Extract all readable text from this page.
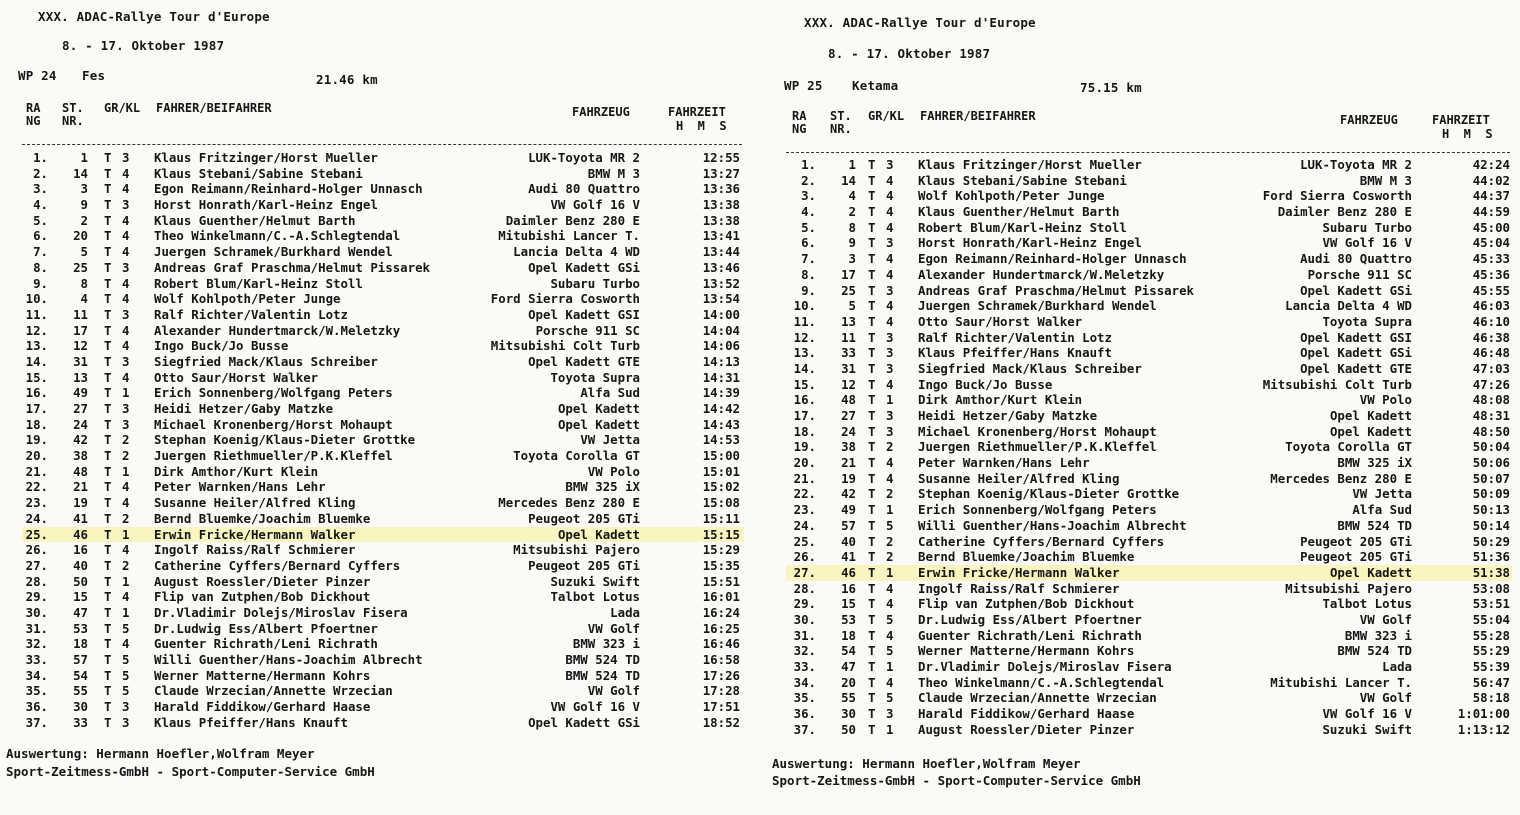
XXX. ADAC-Rallye Tour d'Europe
8. - 17. Oktober 1987
WP 24 Fes	21.46 km
RA
NG
ST.
NR.
GR/KL FAHRER/BEIFAHRER	FAHRZEUG	FAHRZEIT
H  M  S
1.	1 T 3 Klaus Fritzinger/Horst Mueller	LUK-Toyota MR 2	12:55
2.	14 T 4 Klaus Stebani/Sabine Stebani	BMW M 3	13:27
3.	3 T 4 Egon Reimann/Reinhard-Holger Unnasch	Audi 80 Quattro	13:36
4.	9 T 3 Horst Honrath/Karl-Heinz Engel	VW Golf 16 V	13:38
5.	2 T 4 Klaus Guenther/Helmut Barth	Daimler Benz 280 E	13:38
6.	20 T 4 Theo Winkelmann/C.-A.Schlegtendal	Mitubishi Lancer T.	13:41
7.	5 T 4 Juergen Schramek/Burkhard Wendel	Lancia Delta 4 WD	13:44
8.	25 T 3 Andreas Graf Praschma/Helmut Pissarek	Opel Kadett GSi	13:46
9.	8 T 4 Robert Blum/Karl-Heinz Stoll	Subaru Turbo	13:52
10.	4 T 4 Wolf Kohlpoth/Peter Junge	Ford Sierra Cosworth	13:54
11.	11 T 3 Ralf Richter/Valentin Lotz	Opel Kadett GSI	14:00
12.	17 T 4 Alexander Hundertmarck/W.Meletzky	Porsche 911 SC	14:04
13.	12 T 4 Ingo Buck/Jo Busse	Mitsubishi Colt Turb	14:06
14.	31 T 3 Siegfried Mack/Klaus Schreiber	Opel Kadett GTE	14:13
15.	13 T 4 Otto Saur/Horst Walker	Toyota Supra	14:31
16.	49 T 1 Erich Sonnenberg/Wolfgang Peters	Alfa Sud	14:39
17.	27 T 3 Heidi Hetzer/Gaby Matzke	Opel Kadett	14:42
18.	24 T 3 Michael Kronenberg/Horst Mohaupt	Opel Kadett	14:43
19.	42 T 2 Stephan Koenig/Klaus-Dieter Grottke	VW Jetta	14:53
20.	38 T 2 Juergen Riethmueller/P.K.Kleffel	Toyota Corolla GT	15:00
21.	48 T 1 Dirk Amthor/Kurt Klein	VW Polo	15:01
22.	21 T 4 Peter Warnken/Hans Lehr	BMW 325 iX	15:02
23.	19 T 4 Susanne Heiler/Alfred Kling	Mercedes Benz 280 E	15:08
24.	41 T 2 Bernd Bluemke/Joachim Bluemke	Peugeot 205 GTi	15:11
25.	46 T 1 Erwin Fricke/Hermann Walker	Opel Kadett	15:15
26.	16 T 4 Ingolf Raiss/Ralf Schmierer	Mitsubishi Pajero	15:29
27.	40 T 2 Catherine Cyffers/Bernard Cyffers	Peugeot 205 GTi	15:35
28.	50 T 1 August Roessler/Dieter Pinzer	Suzuki Swift	15:51
29.	15 T 4 Flip van Zutphen/Bob Dickhout	Talbot Lotus	16:01
30.	47 T 1 Dr.Vladimir Dolejs/Miroslav Fisera	Lada	16:24
31.	53 T 5 Dr.Ludwig Ess/Albert Pfoertner	VW Golf	16:25
32.	18 T 4 Guenter Richrath/Leni Richrath	BMW 323 i	16:46
33.	57 T 5 Willi Guenther/Hans-Joachim Albrecht	BMW 524 TD	16:58
34.	54 T 5 Werner Matterne/Hermann Kohrs	BMW 524 TD	17:26
35.	55 T 5 Claude Wrzecian/Annette Wrzecian	VW Golf	17:28
36.	30 T 3 Harald Fiddikow/Gerhard Haase	VW Golf 16 V	17:51
37.	33 T 3 Klaus Pfeiffer/Hans Knauft	Opel Kadett GSi	18:52
Auswertung: Hermann Hoefler,Wolfram Meyer
Sport-Zeitmess-GmbH - Sport-Computer-Service GmbH
XXX. ADAC-Rallye Tour d'Europe
8. - 17. Oktober 1987
WP 25 Ketama	75.15 km
RA
NG
ST.
NR.
GR/KL FAHRER/BEIFAHRER	FAHRZEUG	FAHRZEIT
H  M  S
1.	1 T 3 Klaus Fritzinger/Horst Mueller	LUK-Toyota MR 2	42:24
2.	14 T 4 Klaus Stebani/Sabine Stebani	BMW M 3	44:02
3.	4 T 4 Wolf Kohlpoth/Peter Junge	Ford Sierra Cosworth	44:37
4.	2 T 4 Klaus Guenther/Helmut Barth	Daimler Benz 280 E	44:59
5.	8 T 4 Robert Blum/Karl-Heinz Stoll	Subaru Turbo	45:00
6.	9 T 3 Horst Honrath/Karl-Heinz Engel	VW Golf 16 V	45:04
7.	3 T 4 Egon Reimann/Reinhard-Holger Unnasch	Audi 80 Quattro	45:33
8.	17 T 4 Alexander Hundertmarck/W.Meletzky	Porsche 911 SC	45:36
9.	25 T 3 Andreas Graf Praschma/Helmut Pissarek	Opel Kadett GSi	45:55
10.	5 T 4 Juergen Schramek/Burkhard Wendel	Lancia Delta 4 WD	46:03
11.	13 T 4 Otto Saur/Horst Walker	Toyota Supra	46:10
12.	11 T 3 Ralf Richter/Valentin Lotz	Opel Kadett GSI	46:38
13.	33 T 3 Klaus Pfeiffer/Hans Knauft	Opel Kadett GSi	46:48
14.	31 T 3 Siegfried Mack/Klaus Schreiber	Opel Kadett GTE	47:03
15.	12 T 4 Ingo Buck/Jo Busse	Mitsubishi Colt Turb	47:26
16.	48 T 1 Dirk Amthor/Kurt Klein	VW Polo	48:08
17.	27 T 3 Heidi Hetzer/Gaby Matzke	Opel Kadett	48:31
18.	24 T 3 Michael Kronenberg/Horst Mohaupt	Opel Kadett	48:50
19.	38 T 2 Juergen Riethmueller/P.K.Kleffel	Toyota Corolla GT	50:04
20.	21 T 4 Peter Warnken/Hans Lehr	BMW 325 iX	50:06
21.	19 T 4 Susanne Heiler/Alfred Kling	Mercedes Benz 280 E	50:07
22.	42 T 2 Stephan Koenig/Klaus-Dieter Grottke	VW Jetta	50:09
23.	49 T 1 Erich Sonnenberg/Wolfgang Peters	Alfa Sud	50:13
24.	57 T 5 Willi Guenther/Hans-Joachim Albrecht	BMW 524 TD	50:14
25.	40 T 2 Catherine Cyffers/Bernard Cyffers	Peugeot 205 GTi	50:29
26.	41 T 2 Bernd Bluemke/Joachim Bluemke	Peugeot 205 GTi	51:36
27.	46 T 1 Erwin Fricke/Hermann Walker	Opel Kadett	51:38
28.	16 T 4 Ingolf Raiss/Ralf Schmierer	Mitsubishi Pajero	53:08
29.	15 T 4 Flip van Zutphen/Bob Dickhout	Talbot Lotus	53:51
30.	53 T 5 Dr.Ludwig Ess/Albert Pfoertner	VW Golf	55:04
31.	18 T 4 Guenter Richrath/Leni Richrath	BMW 323 i	55:28
32.	54 T 5 Werner Matterne/Hermann Kohrs	BMW 524 TD	55:29
33.	47 T 1 Dr.Vladimir Dolejs/Miroslav Fisera	Lada	55:39
34.	20 T 4 Theo Winkelmann/C.-A.Schlegtendal	Mitubishi Lancer T.	56:47
35.	55 T 5 Claude Wrzecian/Annette Wrzecian	VW Golf	58:18
36.	30 T 3 Harald Fiddikow/Gerhard Haase	VW Golf 16 V	1:01:00
37.	50 T 1 August Roessler/Dieter Pinzer	Suzuki Swift	1:13:12
Auswertung: Hermann Hoefler,Wolfram Meyer
Sport-Zeitmess-GmbH - Sport-Computer-Service GmbH
